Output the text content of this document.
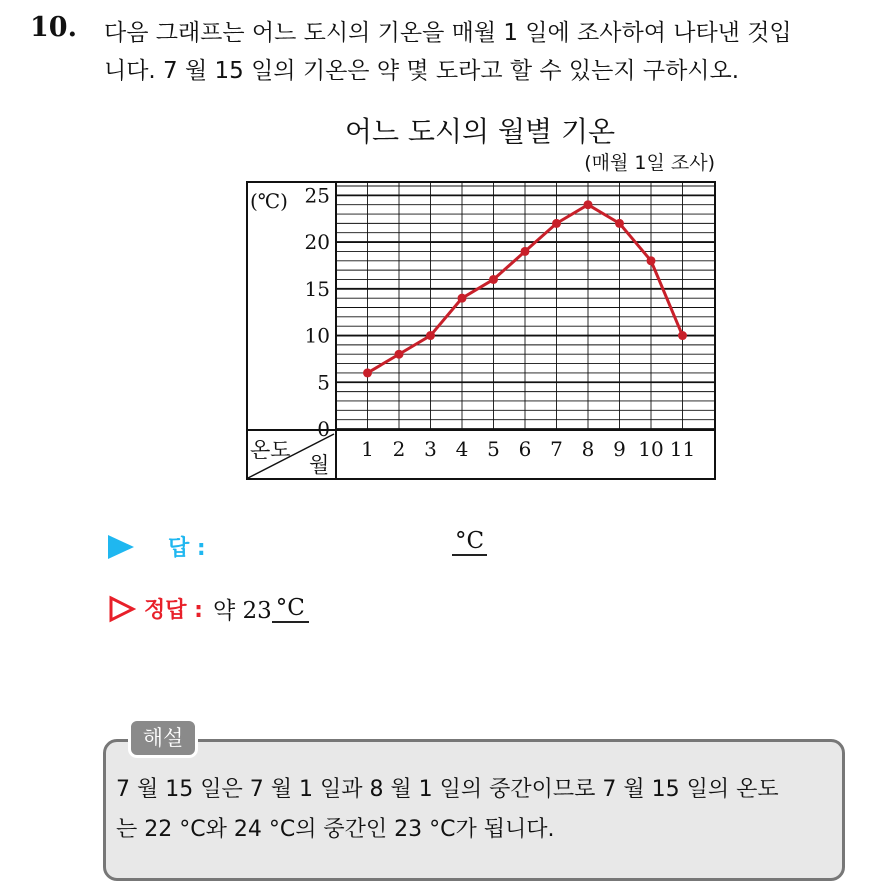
10. 다음 그래프는 어느 도시의 기온을 매월 1 일에 조사하여 나타낸 것입
니다. 7 월 15 일의 기온은 약 몇 도라고 할 수 있는지 구하시오.
어느 도시의 월별 기온
(매월 1일 조사)
(℃)
온도
월
0
5
10
15
20
25
1 2 3 4 5 6 7 8 9 10 11
답 :	°C
정답 : 약 23 °C
해설
7 월 15 일은 7 월 1 일과 8 월 1 일의 중간이므로 7 월 15 일의 온도
는 22 °C와 24 °C의 중간인 23 °C가 됩니다.
